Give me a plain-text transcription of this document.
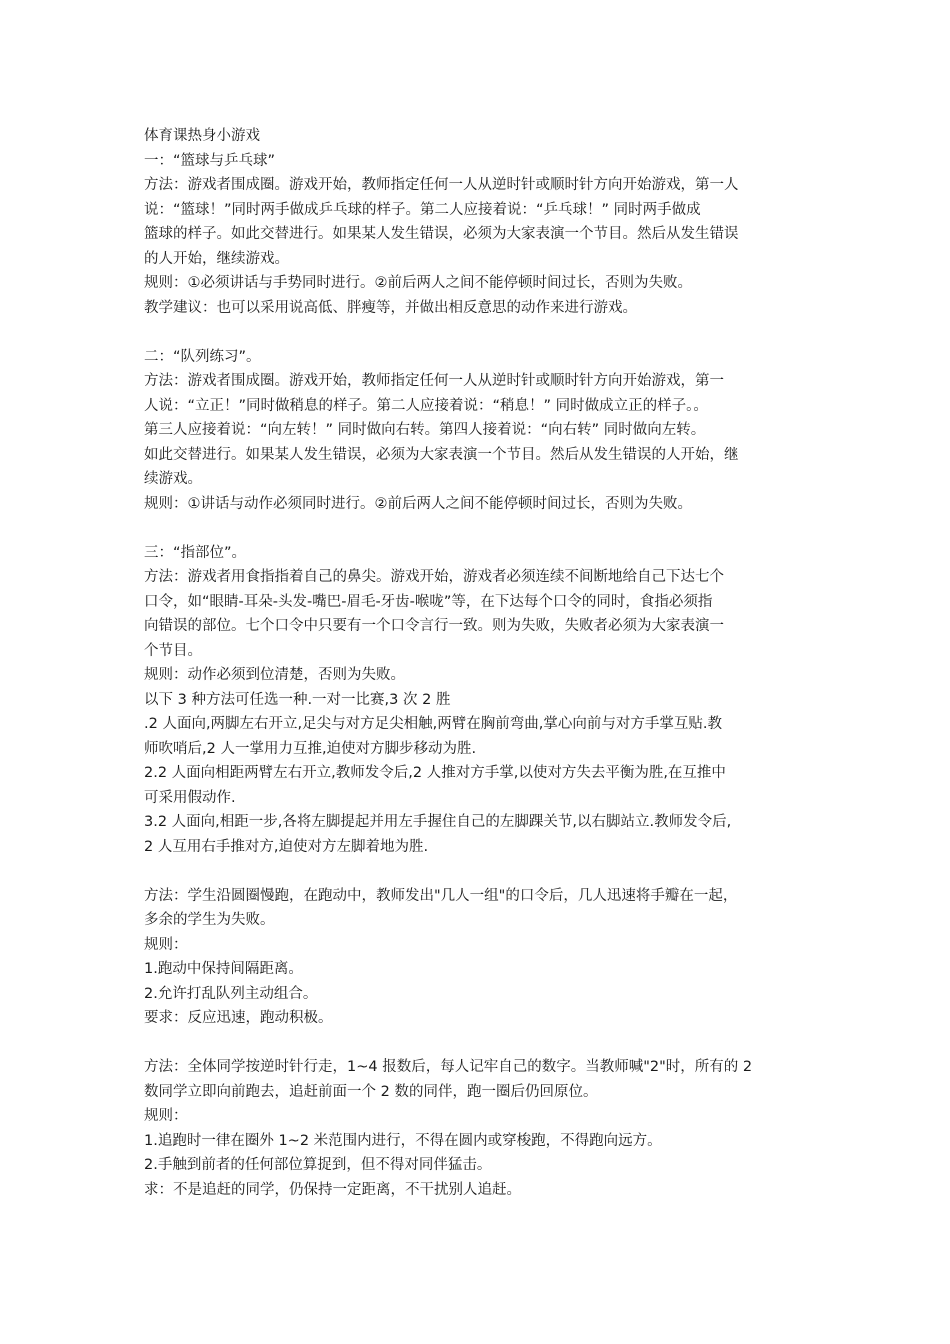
体育课热身小游戏
一：“篮球与乒乓球”
方法：游戏者围成圈。游戏开始，教师指定任何一人从逆时针或顺时针方向开始游戏，第一人
说：“篮球！”同时两手做成乒乓球的样子。第二人应接着说：“乒乓球！” 同时两手做成
篮球的样子。如此交替进行。如果某人发生错误，必须为大家表演一个节目。然后从发生错误
的人开始，继续游戏。
规则：①必须讲话与手势同时进行。②前后两人之间不能停顿时间过长，否则为失败。
教学建议：也可以采用说高低、胖瘦等，并做出相反意思的动作来进行游戏。
二：“队列练习”。
方法：游戏者围成圈。游戏开始，教师指定任何一人从逆时针或顺时针方向开始游戏，第一
人说：“立正！”同时做稍息的样子。第二人应接着说：“稍息！” 同时做成立正的样子。。
第三人应接着说：“向左转！” 同时做向右转。第四人接着说：“向右转” 同时做向左转。
如此交替进行。如果某人发生错误，必须为大家表演一个节目。然后从发生错误的人开始，继
续游戏。
规则：①讲话与动作必须同时进行。②前后两人之间不能停顿时间过长，否则为失败。
三：“指部位”。
方法：游戏者用食指指着自己的鼻尖。游戏开始，游戏者必须连续不间断地给自己下达七个
口令，如“眼睛-耳朵-头发-嘴巴-眉毛-牙齿-喉咙”等，在下达每个口令的同时，食指必须指
向错误的部位。七个口令中只要有一个口令言行一致。则为失败，失败者必须为大家表演一
个节目。
规则：动作必须到位清楚，否则为失败。
以下 3 种方法可任选一种.一对一比赛,3 次 2 胜
.2 人面向,两脚左右开立,足尖与对方足尖相触,两臂在胸前弯曲,掌心向前与对方手掌互贴.教
师吹哨后,2 人一掌用力互推,迫使对方脚步移动为胜.
2.2 人面向相距两臂左右开立,教师发令后,2 人推对方手掌,以使对方失去平衡为胜,在互推中
可采用假动作.
3.2 人面向,相距一步,各将左脚提起并用左手握住自己的左脚踝关节,以右脚站立.教师发令后,
2 人互用右手推对方,迫使对方左脚着地为胜.
方法：学生沿圆圈慢跑，在跑动中，教师发出"几人一组"的口令后，几人迅速将手瓣在一起，
多余的学生为失败。
规则：
1.跑动中保持间隔距离。
2.允许打乱队列主动组合。
要求：反应迅速，跑动积极。
方法：全体同学按逆时针行走，1~4 报数后，每人记牢自己的数字。当教师喊"2"时，所有的 2
数同学立即向前跑去，追赶前面一个 2 数的同伴，跑一圈后仍回原位。
规则：
1.追跑时一律在圈外 1~2 米范围内进行，不得在圆内或穿梭跑，不得跑向远方。
2.手触到前者的任何部位算捉到，但不得对同伴猛击。
求：不是追赶的同学，仍保持一定距离，不干扰别人追赶。
